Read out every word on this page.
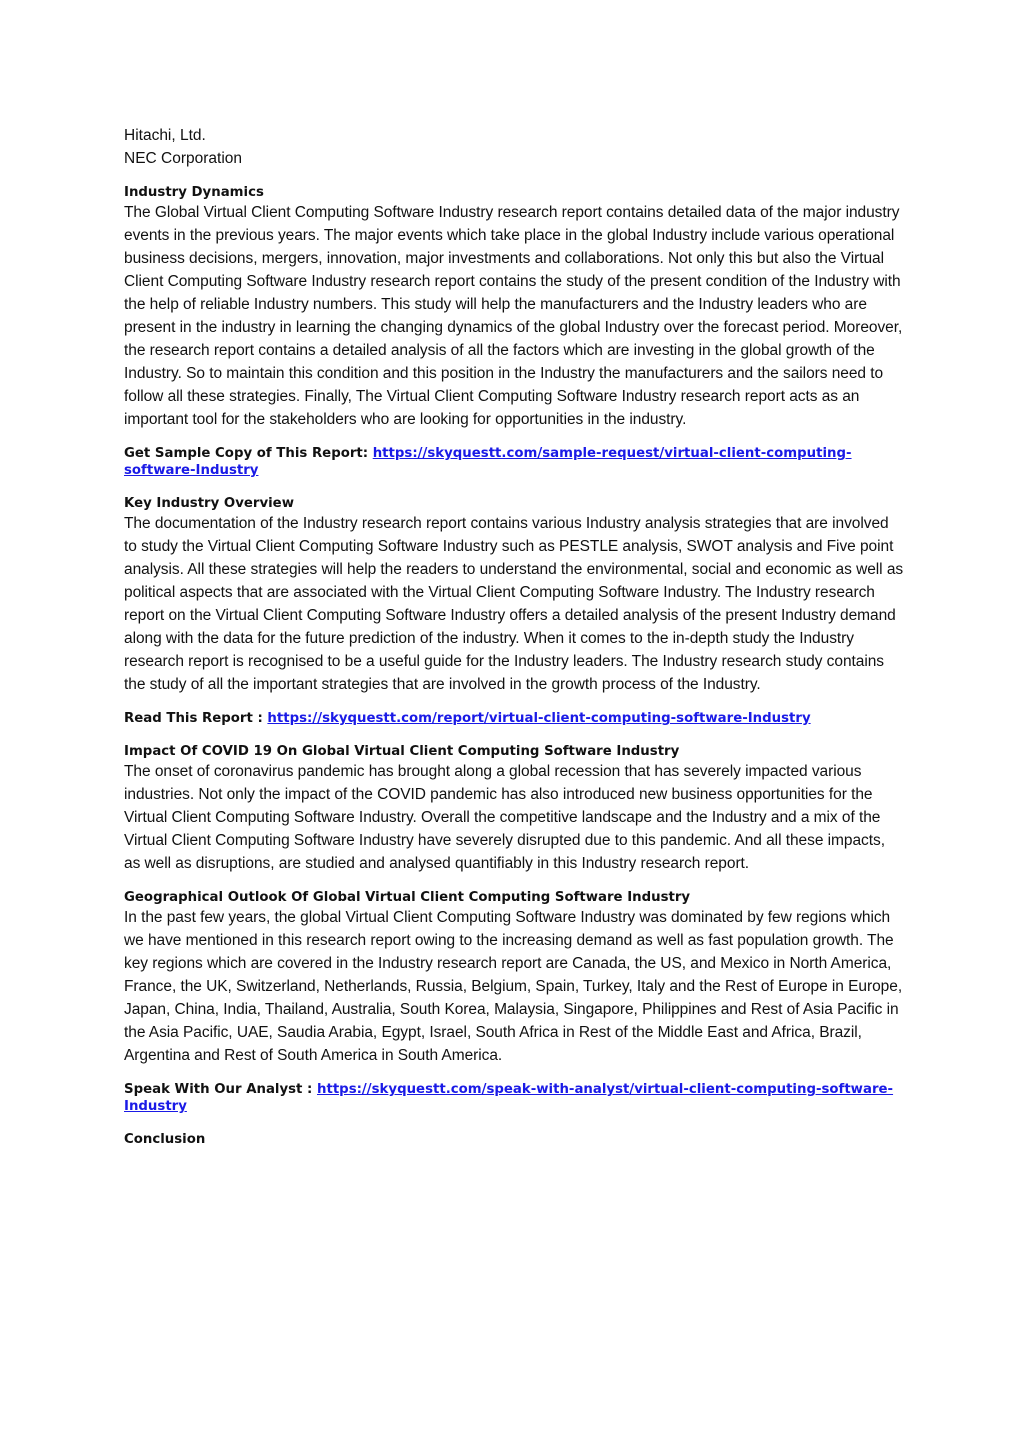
Hitachi, Ltd.

NEC Corporation

Industry Dynamics

The Global Virtual Client Computing Software Industry research report contains detailed data of the major industry events in the previous years. The major events which take place in the global Industry include various operational business decisions, mergers, innovation, major investments and collaborations. Not only this but also the Virtual Client Computing Software Industry research report contains the study of the present condition of the Industry with the help of reliable Industry numbers. This study will help the manufacturers and the Industry leaders who are present in the industry in learning the changing dynamics of the global Industry over the forecast period. Moreover, the research report contains a detailed analysis of all the factors which are investing in the global growth of the Industry. So to maintain this condition and this position in the Industry the manufacturers and the sailors need to follow all these strategies. Finally, The Virtual Client Computing Software Industry research report acts as an important tool for the stakeholders who are looking for opportunities in the industry.

Get Sample Copy of This Report: https://skyquestt.com/sample-request/virtual-client-computing-software-Industry

Key Industry Overview

The documentation of the Industry research report contains various Industry analysis strategies that are involved to study the Virtual Client Computing Software Industry such as PESTLE analysis, SWOT analysis and Five point analysis. All these strategies will help the readers to understand the environmental, social and economic as well as political aspects that are associated with the Virtual Client Computing Software Industry. The Industry research report on the Virtual Client Computing Software Industry offers a detailed analysis of the present Industry demand along with the data for the future prediction of the industry. When it comes to the in-depth study the Industry research report is recognised to be a useful guide for the Industry leaders. The Industry research study contains the study of all the important strategies that are involved in the growth process of the Industry.

Read This Report : https://skyquestt.com/report/virtual-client-computing-software-Industry

Impact Of COVID 19 On Global Virtual Client Computing Software Industry

The onset of coronavirus pandemic has brought along a global recession that has severely impacted various industries. Not only the impact of the COVID pandemic has also introduced new business opportunities for the Virtual Client Computing Software Industry. Overall the competitive landscape and the Industry and a mix of the Virtual Client Computing Software Industry have severely disrupted due to this pandemic. And all these impacts, as well as disruptions, are studied and analysed quantifiably in this Industry research report.

Geographical Outlook Of Global Virtual Client Computing Software Industry

In the past few years, the global Virtual Client Computing Software Industry was dominated by few regions which we have mentioned in this research report owing to the increasing demand as well as fast population growth. The key regions which are covered in the Industry research report are Canada, the US, and Mexico in North America, France, the UK, Switzerland, Netherlands, Russia, Belgium, Spain, Turkey, Italy and the Rest of Europe in Europe, Japan, China, India, Thailand, Australia, South Korea, Malaysia, Singapore, Philippines and Rest of Asia Pacific in the Asia Pacific, UAE, Saudia Arabia, Egypt, Israel, South Africa in Rest of the Middle East and Africa, Brazil, Argentina and Rest of South America in South America.

Speak With Our Analyst : https://skyquestt.com/speak-with-analyst/virtual-client-computing-software-Industry

Conclusion
